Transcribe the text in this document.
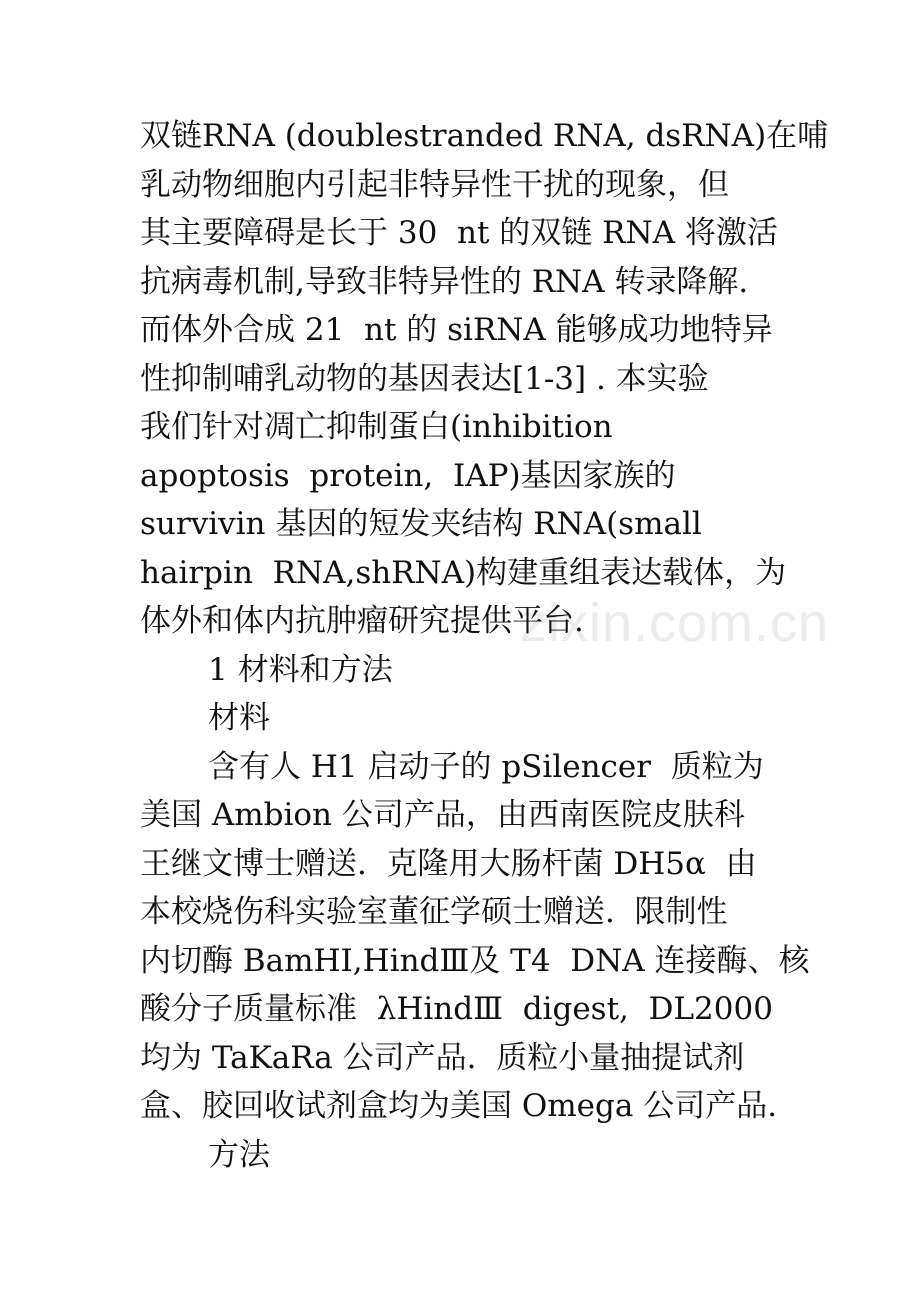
zixin.com.cn
双链RNA (doublestranded RNA, dsRNA)在哺
乳动物细胞内引起非特异性干扰的现象，但
其主要障碍是长于 30  nt 的双链 RNA 将激活
抗病毒机制,导致非特异性的 RNA 转录降解.
而体外合成 21  nt 的 siRNA 能够成功地特异
性抑制哺乳动物的基因表达[1-3] . 本实验
我们针对凋亡抑制蛋白(inhibition
apoptosis  protein,  IAP)基因家族的
survivin 基因的短发夹结构 RNA(small
hairpin  RNA,shRNA)构建重组表达载体，为
体外和体内抗肿瘤研究提供平台.
1 材料和方法
材料
含有人 H1 启动子的 pSilencer  质粒为
美国 Ambion 公司产品，由西南医院皮肤科
王继文博士赠送.  克隆用大肠杆菌 DH5α  由
本校烧伤科实验室董征学硕士赠送.  限制性
内切酶 BamHⅠ,HindⅢ及 T4  DNA 连接酶、核
酸分子质量标准  λHindⅢ  digest,  DL2000
均为 TaKaRa 公司产品.  质粒小量抽提试剂
盒、胶回收试剂盒均为美国 Omega 公司产品.
方法
